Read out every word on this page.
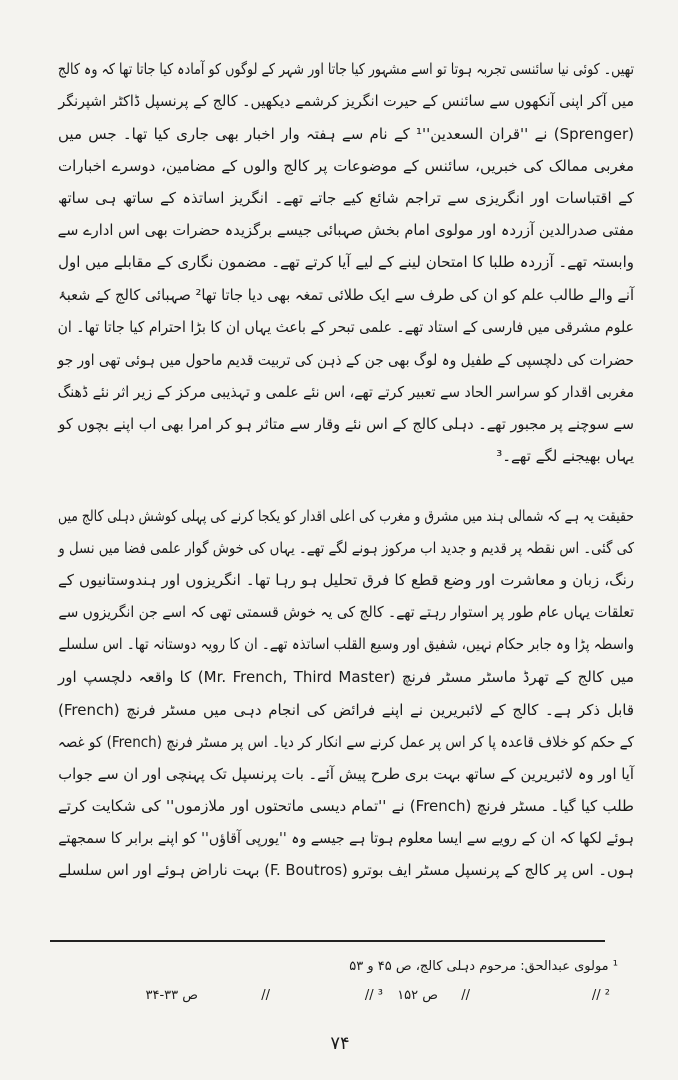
تھیں۔ کوئی نیا سائنسی تجربہ ہوتا تو اسے مشہور کیا جاتا اور شہر کے لوگوں کو آمادہ کیا جاتا تھا کہ وہ کالج
میں آکر اپنی آنکھوں سے سائنس کے حیرت انگریز کرشمے دیکھیں۔ کالج کے پرنسپل ڈاکٹر اشپرنگر
(Sprenger) نے ''قران السعدین''¹ کے نام سے ہفتہ وار اخبار بھی جاری کیا تھا۔ جس میں
مغربی ممالک کی خبریں، سائنس کے موضوعات پر کالج والوں کے مضامین، دوسرے اخبارات
کے اقتباسات اور انگریزی سے تراجم شائع کیے جاتے تھے۔ انگریز اساتذہ کے ساتھ ہی ساتھ
مفتی صدرالدین آزردہ اور مولوی امام بخش صہبائی جیسے برگزیدہ حضرات بھی اس ادارے سے
وابستہ تھے۔ آزردہ طلبا کا امتحان لینے کے لیے آیا کرتے تھے۔ مضمون نگاری کے مقابلے میں اول
آنے والے طالب علم کو ان کی طرف سے ایک طلائی تمغہ بھی دیا جاتا تھا² صہبائی کالج کے شعبۂ
علوم مشرقی میں فارسی کے استاد تھے۔ علمی تبحر کے باعث یہاں ان کا بڑا احترام کیا جاتا تھا۔ ان
حضرات کی دلچسپی کے طفیل وہ لوگ بھی جن کے ذہن کی تربیت قدیم ماحول میں ہوئی تھی اور جو
مغربی اقدار کو سراسر الحاد سے تعبیر کرتے تھے، اس نئے علمی و تہذیبی مرکز کے زیر اثر نئے ڈھنگ
سے سوچنے پر مجبور تھے۔ دہلی کالج کے اس نئے وقار سے متاثر ہو کر امرا بھی اب اپنے بچوں کو
یہاں بھیجنے لگے تھے۔³
حقیقت یہ ہے کہ شمالی ہند میں مشرق و مغرب کی اعلی اقدار کو یکجا کرنے کی پہلی کوشش دہلی کالج میں
کی گئی۔ اس نقطہ پر قدیم و جدید اب مرکوز ہونے لگے تھے۔ یہاں کی خوش گوار علمی فضا میں نسل و
رنگ، زبان و معاشرت اور وضع قطع کا فرق تحلیل ہو رہا تھا۔ انگریزوں اور ہندوستانیوں کے
تعلقات یہاں عام طور پر استوار رہتے تھے۔ کالج کی یہ خوش قسمتی تھی کہ اسے جن انگریزوں سے
واسطہ پڑا وہ جابر حکام نہیں، شفیق اور وسیع القلب اساتذہ تھے۔ ان کا رویہ دوستانہ تھا۔ اس سلسلے
میں کالج کے تھرڈ ماسٹر مسٹر فرنچ (Mr. French, Third Master) کا واقعہ دلچسپ اور
قابل ذکر ہے۔ کالج کے لائبریرین نے اپنے فرائض کی انجام دہی میں مسٹر فرنچ (French)
کے حکم کو خلاف قاعدہ پا کر اس پر عمل کرنے سے انکار کر دیا۔ اس پر مسٹر فرنچ (French) کو غصہ
آیا اور وہ لائبریرین کے ساتھ بہت بری طرح پیش آئے۔ بات پرنسپل تک پہنچی اور ان سے جواب
طلب کیا گیا۔ مسٹر فرنچ (French) نے ''تمام دیسی ماتحتوں اور ملازموں'' کی شکایت کرتے
ہوئے لکھا کہ ان کے رویے سے ایسا معلوم ہوتا ہے جیسے وہ ''یورپی آقاؤں'' کو اپنے برابر کا سمجھتے
ہوں۔ اس پر کالج کے پرنسپل مسٹر ایف بوترو (F. Boutros) بہت ناراض ہوئے اور اس سلسلے
¹ مولوی عبدالحق: مرحوم دہلی کالج، ص ۴۵ و ۵۳
² //
//
ص ۱۵۲
³ //
//
ص ۳۳-۳۴
۷۴
